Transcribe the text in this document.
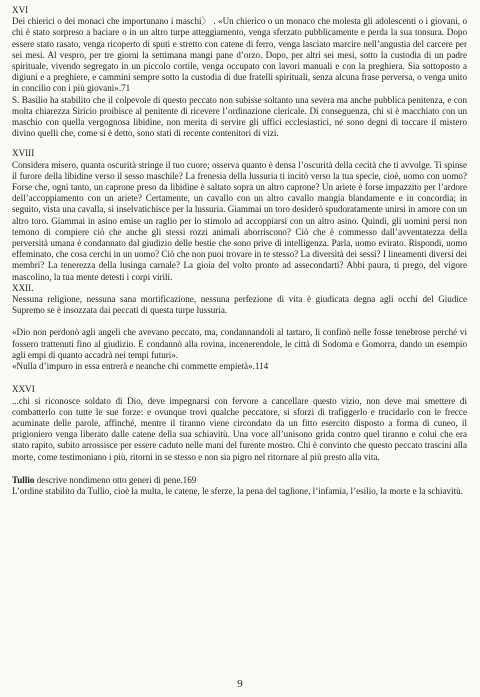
XVI

Dei chierici o dei monaci che importunano i maschi〉 . «Un chierico o un monaco che molesta gli adolescenti o i giovani, o chi è stato sorpreso a baciare o in un altro turpe atteggiamento, venga sferzato pubblicamente e perda la sua tonsura. Dopo essere stato rasato, venga ricoperto di sputi e stretto con catene di ferro, venga lasciato marcire nell’angustia del carcere per sei mesi. Al vespro, per tre giorni la settimana mangi pane d’orzo. Dopo, per altri sei mesi, sotto la custodia di un padre spirituale, vivendo segregato in un piccolo cortile, venga occupato con lavori manuali e con la preghiera. Sia sottoposto a digiuni e a preghiere, e cammini sempre sotto la custodia di due fratelli spirituali, senza alcuna frase perversa, o venga unito in concilio con i più giovani».71

S. Basilio ha stabilito che il colpevole di questo peccato non subisse soltanto una severa ma anche pubblica penitenza, e con molta chiarezza Siricio proibisce al penitente di ricevere l’ordinazione clericale. Di conseguenza, chi si è macchiato con un maschio con quella vergognosa libidine, non merita di servire gli uffici ecclesiastici, né sono degni di toccare il mistero divino quelli che, come si è detto, sono stati di recente contenitori di vizi.

XVIII

Considera misero, quanta oscurità stringe il tuo cuore; osserva quanto è densa l’oscurità della cecità che ti avvolge. Ti spinse il furore della libidine verso il sesso maschile? La frenesia della lussuria ti incitò verso la tua specie, cioè, uomo con uomo? Forse che, ogni tanto, un caprone preso da libidine è saltato sopra un altro caprone? Un ariete è forse impazzito per l’ardore dell’accoppiamento con un ariete? Certamente, un cavallo con un altro cavallo mangia blandamente e in concordia; in seguito, vista una cavalla, si inselvatichisce per la lussuria. Giammai un toro desiderò spudoratamente unirsi in amore con un altro toro. Giammai in asino emise un raglio per lo stimolo ad accoppiarsi con un altro asino. Quindi, gli uomini persi non temono di compiere ciò che anche gli stessi rozzi animali aborriscono? Ciò che è commesso dall’avventatezza della perversità umana è condannato dal giudizio delle bestie che sono prive di intelligenza. Parla, uomo evirato. Rispondi, uomo effeminato, che cosa cerchi in un uomo? Ciò che non puoi trovare in te stesso? La diversità dei sessi? I lineamenti diversi dei membri? La tenerezza della lusinga carnale? La gioia del volto pronto ad assecondarti? Abbi paura, ti prego, del vigore mascolino, la tua mente detesti i corpi virili.

XXII.

Nessuna religione, nessuna sana mortificazione, nessuna perfezione di vita è giudicata degna agli occhi del Giudice Supremo se è insozzata dai peccati di questa turpe lussuria.

«Dio non perdonò agli angeli che avevano peccato, ma, condannandoli al tartaro, li confinò nelle fosse tenebrose perché vi fossero trattenuti fino al giudizio. E condannò alla rovina, incenerendole, le città di Sodoma e Gomorra, dando un esempio agli empi di quanto accadrà nei tempi futuri».

«Nulla d’impuro in essa entrerà e neanche chi commette empietà».114

XXVI

...chi si riconosce soldato di Dio, deve impegnarsi con fervore a cancellare questo vizio, non deve mai smettere di combatterlo con tutte le sue forze: e ovunque trovi qualche peccatore, si sforzi di trafiggerlo e trucidarlo con le frecce acuminate delle parole, affinché, mentre il tiranno viene circondato da un fitto esercito disposto a forma di cuneo, il prigioniero venga liberato dalle catene della sua schiavitù. Una voce all’unisono grida contro quel tiranno e colui che era stato rapito, subito arrossisce per essere caduto nelle mani del furente mostro. Chi è convinto che questo peccato trascini alla morte, come testimoniano i più, ritorni in se stesso e non sia pigro nel ritornare al più presto alla vita.

Tullio descrive nondimeno otto generi di pene.169

L’ordine stabilito da Tullio, cioè la multa, le catene, le sferze, la pena del taglione, l’infamia, l’esilio, la morte e la schiavitù.

9
